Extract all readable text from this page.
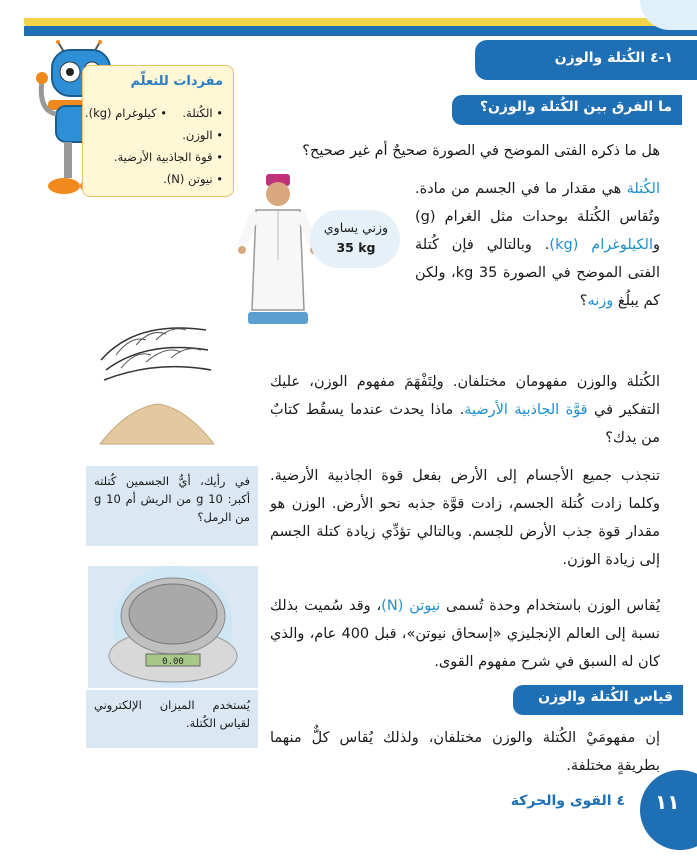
١-٤ الكُتلة والوزن
ما الفرق بين الكُتلة والوزن؟
هل ما ذكره الفتى الموضح في الصورة صحيحٌ أم غير صحيح؟
مفردات للتعلّم
• الكُتلة.
• كيلوغرام (kg).
• الوزن.
• قوة الجاذبية الأرضية.
• نيوتن (N).
وزني يساوي
35 kg
الكُتلة هي مقدار ما في الجسم من مادة. وتُقاس الكُتلة بوحدات مثل الغرام (g) والكيلوغرام (kg). وبالتالي فإن كُتلة الفتى الموضح في الصورة 35 kg، ولكن كم يبلُغ وزنه؟
في رأيك، أيُّ الجسمين كُتلته أكبر: 10 g من الريش أم 10 g من الرمل؟
الكُتلة والوزن مفهومان مختلفان. ولِتَفْهَمَ مفهوم الوزن، عليك التفكير في قوَّة الجاذبية الأرضية. ماذا يحدث عندما يسقُط كتابٌ من يدك؟
تنجذب جميع الأجسام إلى الأرض بفعل قوة الجاذبية الأرضية. وكلما زادت كُتلة الجسم، زادت قوَّة جذبه نحو الأرض. الوزن هو مقدار قوة جذب الأرض للجسم. وبالتالي تؤدِّي زيادة كتلة الجسم إلى زيادة الوزن.
يُقاس الوزن باستخدام وحدة تُسمى نيوتن (N)، وقد سُميت بذلك نسبة إلى العالم الإنجليزي «إسحاق نيوتن»، قبل 400 عام، والذي كان له السبق في شرح مفهوم القوى.
0.00
يُستخدم الميزان الإلكتروني لقياس الكُتلة.
قياس الكُتلة والوزن
إن مفهومَيْ الكُتلة والوزن مختلفان، ولذلك يُقاس كلٌّ منهما بطريقةٍ مختلفة.
١١
٤ القوى والحركة
